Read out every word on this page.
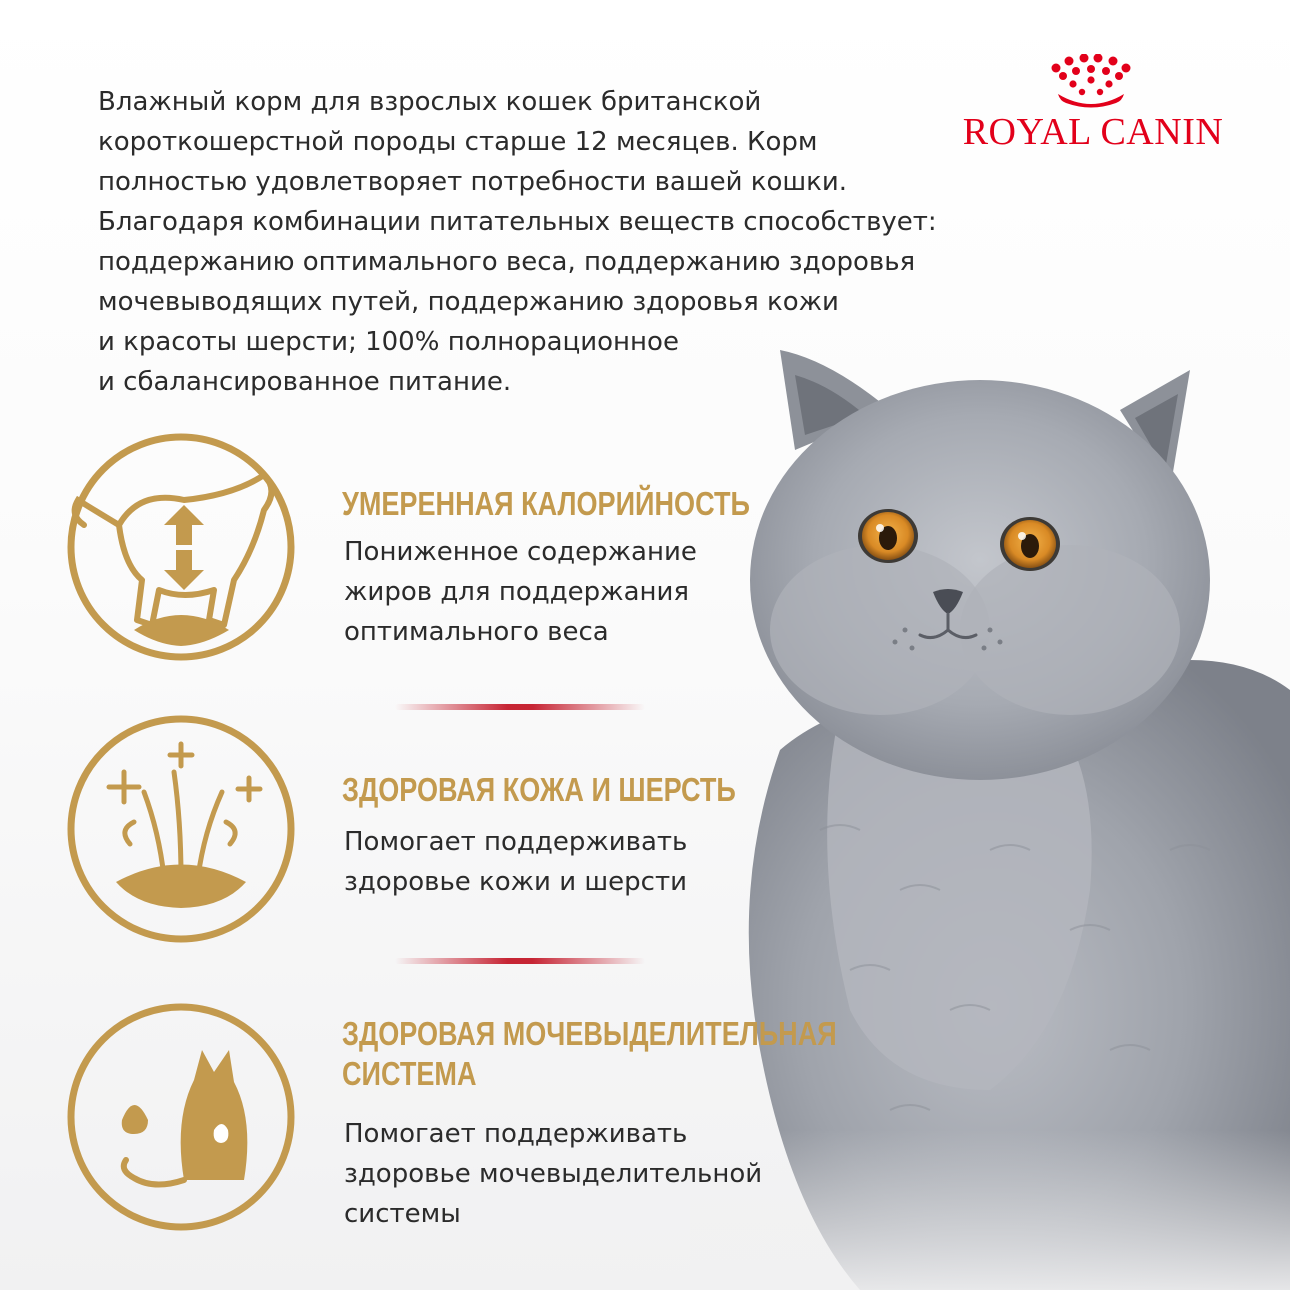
ROYAL CANIN

Влажный корм для взрослых кошек британской
короткошерстной породы старше 12 месяцев. Корм
полностью удовлетворяет потребности вашей кошки.
Благодаря комбинации питательных веществ способствует:
поддержанию оптимального веса, поддержанию здоровья
мочевыводящих путей, поддержанию здоровья кожи
и красоты шерсти; 100% полнорационное
и сбалансированное питание.

УМЕРЕННАЯ КАЛОРИЙНОСТЬ
Пониженное содержание
жиров для поддержания
оптимального веса
ЗДОРОВАЯ КОЖА И ШЕРСТЬ
Помогает поддерживать
здоровье кожи и шерсти
ЗДОРОВАЯ МОЧЕВЫДЕЛИТЕЛЬНАЯ
СИСТЕМА
Помогает поддерживать
здоровье мочевыделительной
системы
